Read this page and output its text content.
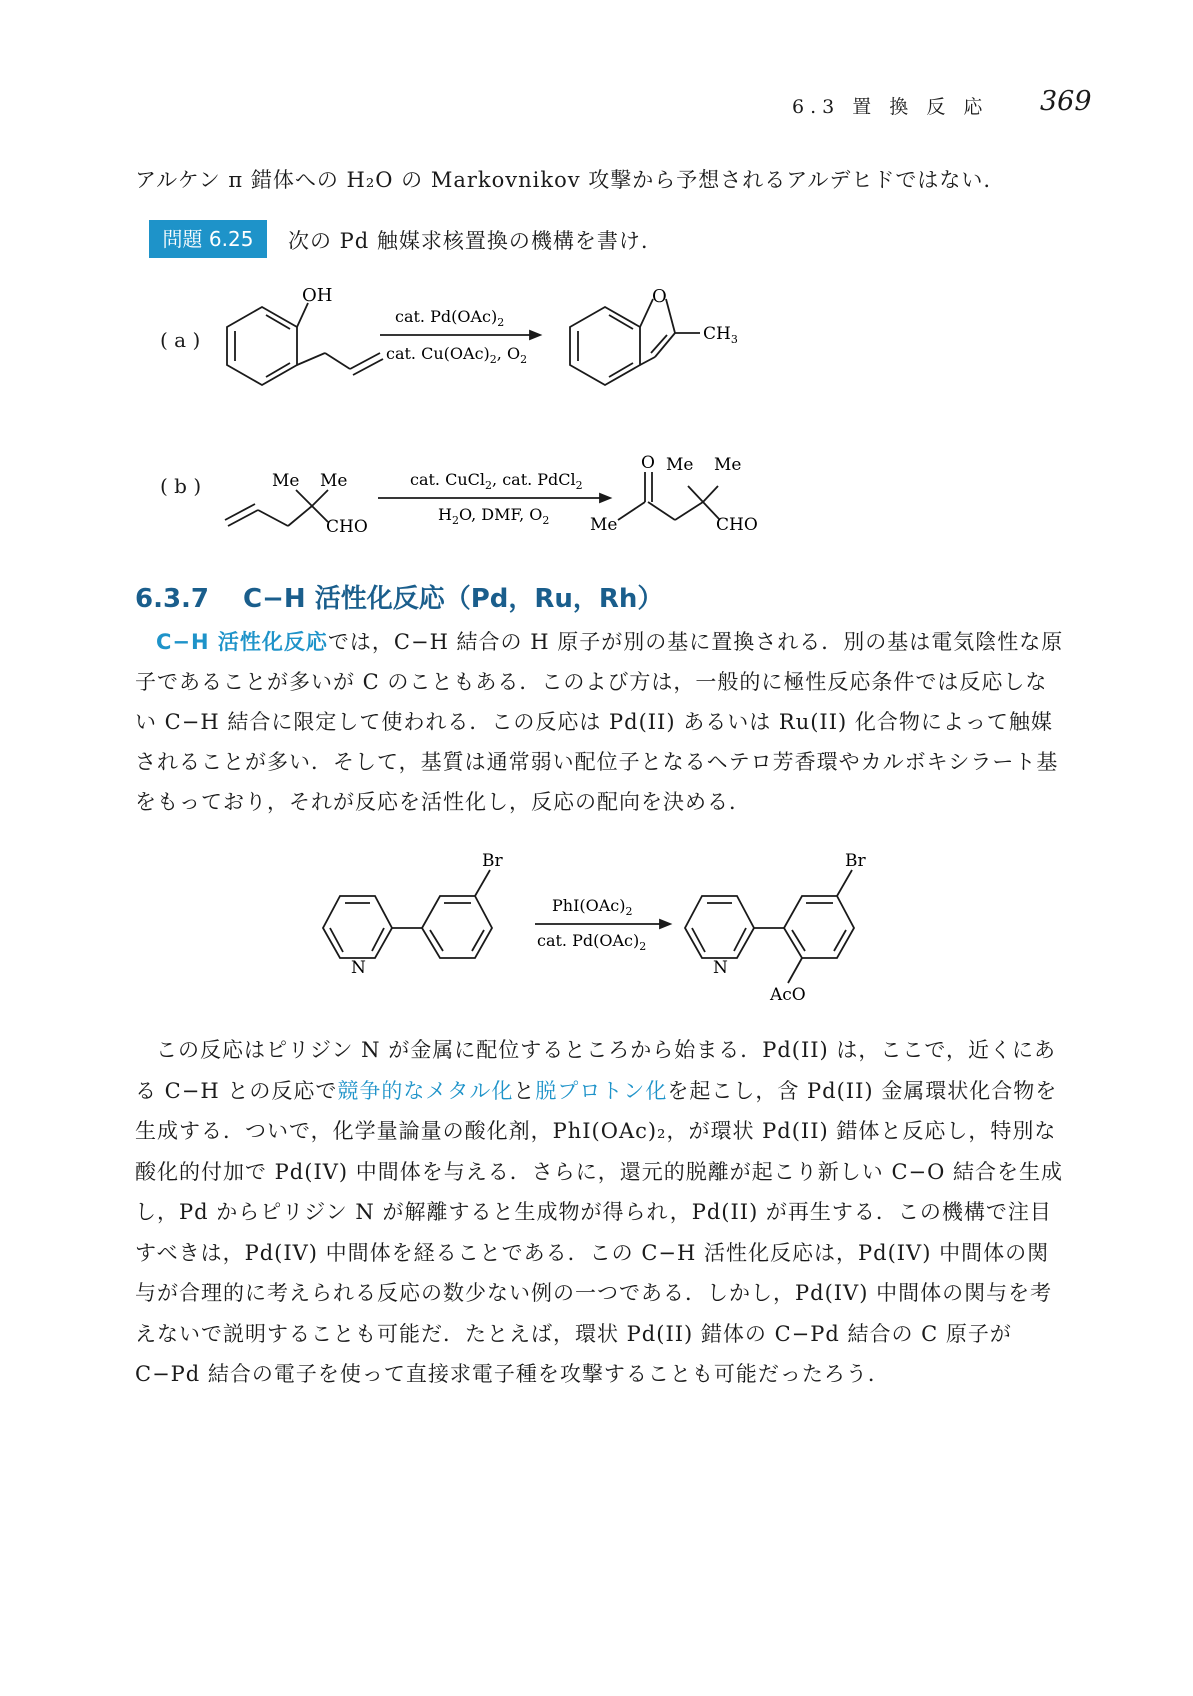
6.3 置 換 反 応 369

アルケン π 錯体への H₂O の Markovnikov 攻撃から予想されるアルデヒドではない.

問題 6.25	次の Pd 触媒求核置換の機構を書け.
( a )
OH
cat. $Pd(OAc)_2$
cat. $Cu(OAc)_2$, $O_2$
O
$CH_3$
( b )	Me Me
CHO
cat. CuCl$_2$, cat. PdCl$_2$
$H_2O$, DMF, $O_2$
O Me Me
Me	CHO
6.3.7 C−H 活性化反応（Pd，Ru，Rh）

C−H 活性化反応では，C−H 結合の H 原子が別の基に置換される．別の基は電気陰性な原子であることが多いが C のこともある．このよび方は，一般的に極性反応条件では反応しない C−H 結合に限定して使われる．この反応は Pd(II) あるいは Ru(II) 化合物によって触媒されることが多い．そして，基質は通常弱い配位子となるヘテロ芳香環やカルボキシラート基をもっており，それが反応を活性化し，反応の配向を決める．

Br
N
$PhI(OAc)_2$
cat. $Pd(OAc)_2$
Br
N
AcO

この反応はピリジン N が金属に配位するところから始まる．Pd(II) は，ここで，近くにある C−H との反応で競争的なメタル化と脱プロトン化を起こし，含 Pd(II) 金属環状化合物を生成する．ついで，化学量論量の酸化剤，PhI(OAc)₂，が環状 Pd(II) 錯体と反応し，特別な酸化的付加で Pd(IV) 中間体を与える．さらに，還元的脱離が起こり新しい C−O 結合を生成し，Pd からピリジン N が解離すると生成物が得られ，Pd(II) が再生する．この機構で注目すべきは，Pd(IV) 中間体を経ることである．この C−H 活性化反応は，Pd(IV) 中間体の関与が合理的に考えられる反応の数少ない例の一つである．しかし，Pd(IV) 中間体の関与を考えないで説明することも可能だ．たとえば，環状 Pd(II) 錯体の C−Pd 結合の C 原子が C−Pd 結合の電子を使って直接求電子種を攻撃することも可能だったろう．
